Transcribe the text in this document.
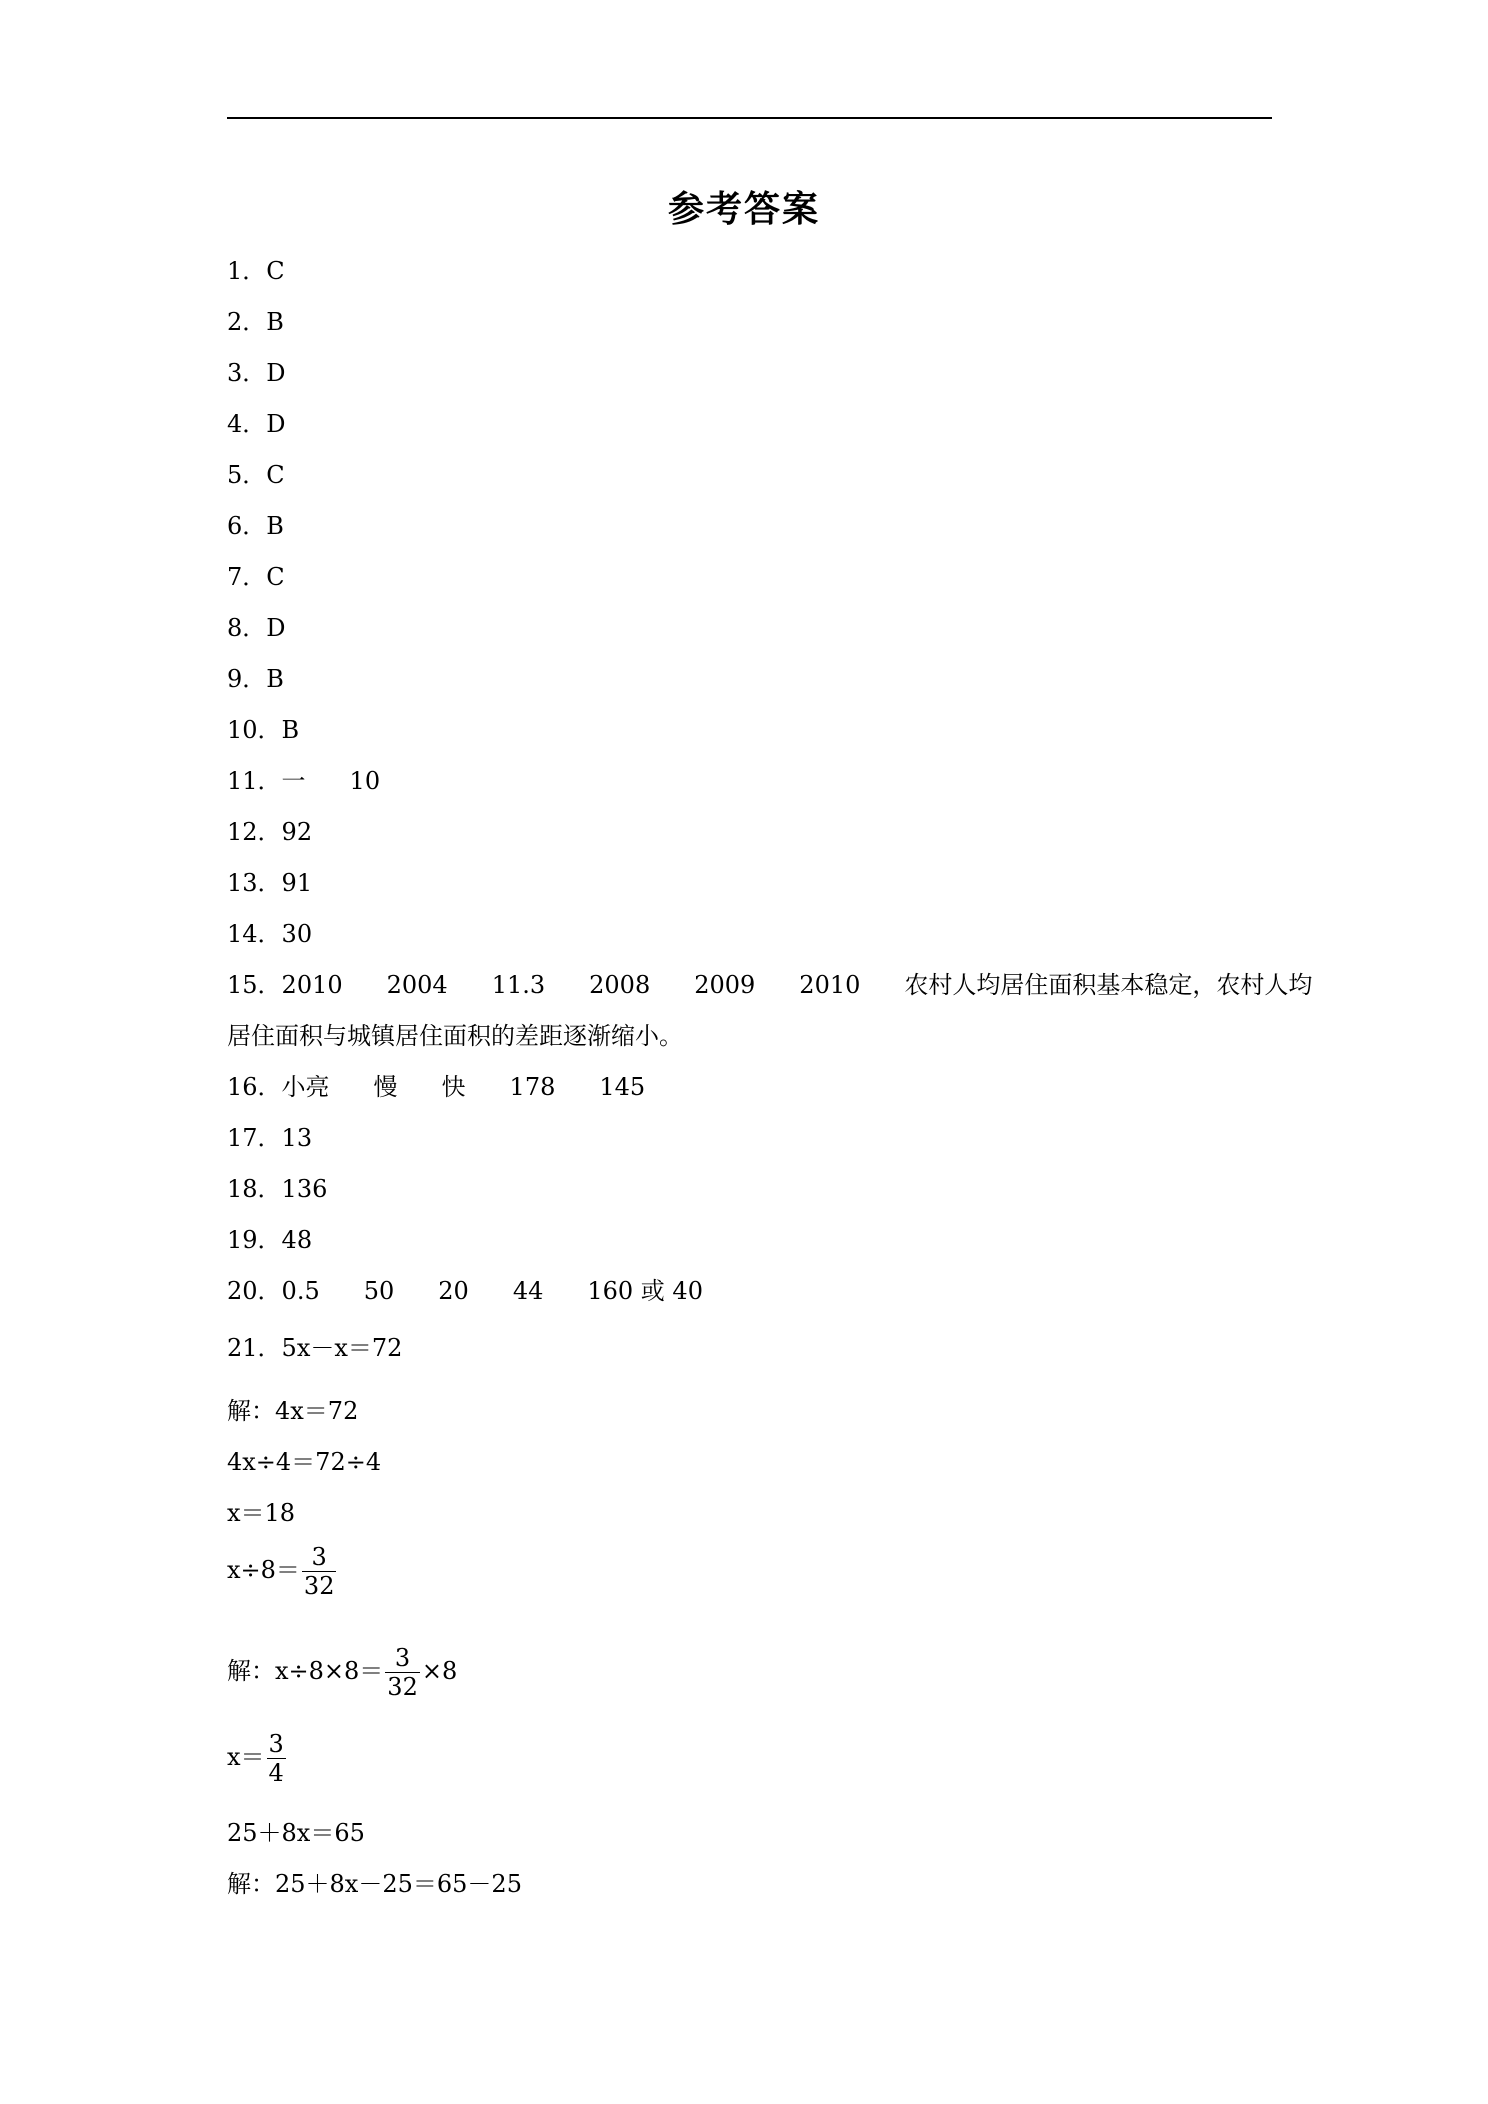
参考答案
1．C
2．B
3．D
4．D
5．C
6．B
7．C
8．D
9．B
10．B
11．一 10
12．92
13．91
14．30
15．2010 2004 11.3 2008 2009 2010 农村人均居住面积基本稳定，农村人均
居住面积与城镇居住面积的差距逐渐缩小。
16．小亮 慢 快 178 145
17．13
18．136
19．48
20．0.5 50 20 44 160 或 40
21．5x－x＝72
解：4x＝72
4x÷4＝72÷4
x＝18
$x\div 8= \frac{3}{32}$
解：$x\div 8\times 8= \frac{3}{32} \times 8$
$x= \frac{3}{4}$
25＋8x＝65
解：25＋8x－25＝65－25
